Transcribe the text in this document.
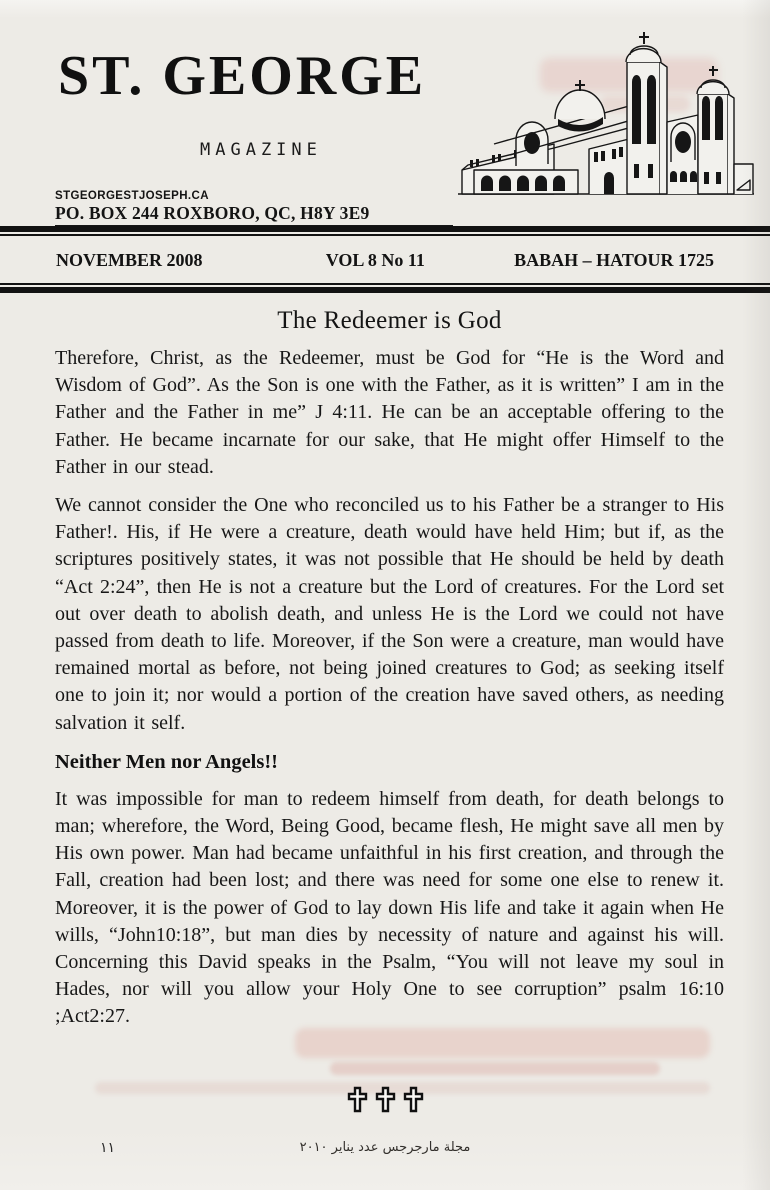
ST. GEORGE
MAGAZINE
STGEORGESTJOSEPH.CA
PO. BOX 244 ROXBORO, QC, H8Y 3E9
NOVEMBER 2008	VOL 8 No 11	BABAH – HATOUR 1725
The Redeemer is God

Therefore, Christ, as the Redeemer, must be God for “He is the Word and Wisdom of God”. As the Son is one with the Father, as it is written” I am in the Father and the Father in me” J 4:11. He can be an acceptable offering to the Father. He became incarnate for our sake, that He might offer Himself to the Father in our stead.

We cannot consider the One who reconciled us to his Father be a stranger to His Father!. His, if He were a creature, death would have held Him; but if, as the scriptures positively states, it was not possible that He should be held by death “Act 2:24”, then He is not a creature but the Lord of creatures. For the Lord set out over death to abolish death, and unless He is the Lord we could not have passed from death to life. Moreover, if the Son were a creature, man would have remained mortal as before, not being joined creatures to God; as seeking itself one to join it; nor would a portion of the creation have saved others, as needing salvation it self.

Neither Men nor Angels!!

It was impossible for man to redeem himself from death, for death belongs to man; wherefore, the Word, Being Good, became flesh, He might save all men by His own power. Man had became unfaithful in his first creation, and through the Fall, creation had been lost; and there was need for some one else to renew it. Moreover, it is the power of God to lay down His life and take it again when He wills, “John10:18”, but man dies by necessity of nature and against his will. Concerning this David speaks in the Psalm, “You will not leave my soul in Hades, nor will you allow your Holy One to see corruption” psalm 16:10 ;Act2:27.

١١	مجلة مارجرجس عدد يناير ٢٠١٠
